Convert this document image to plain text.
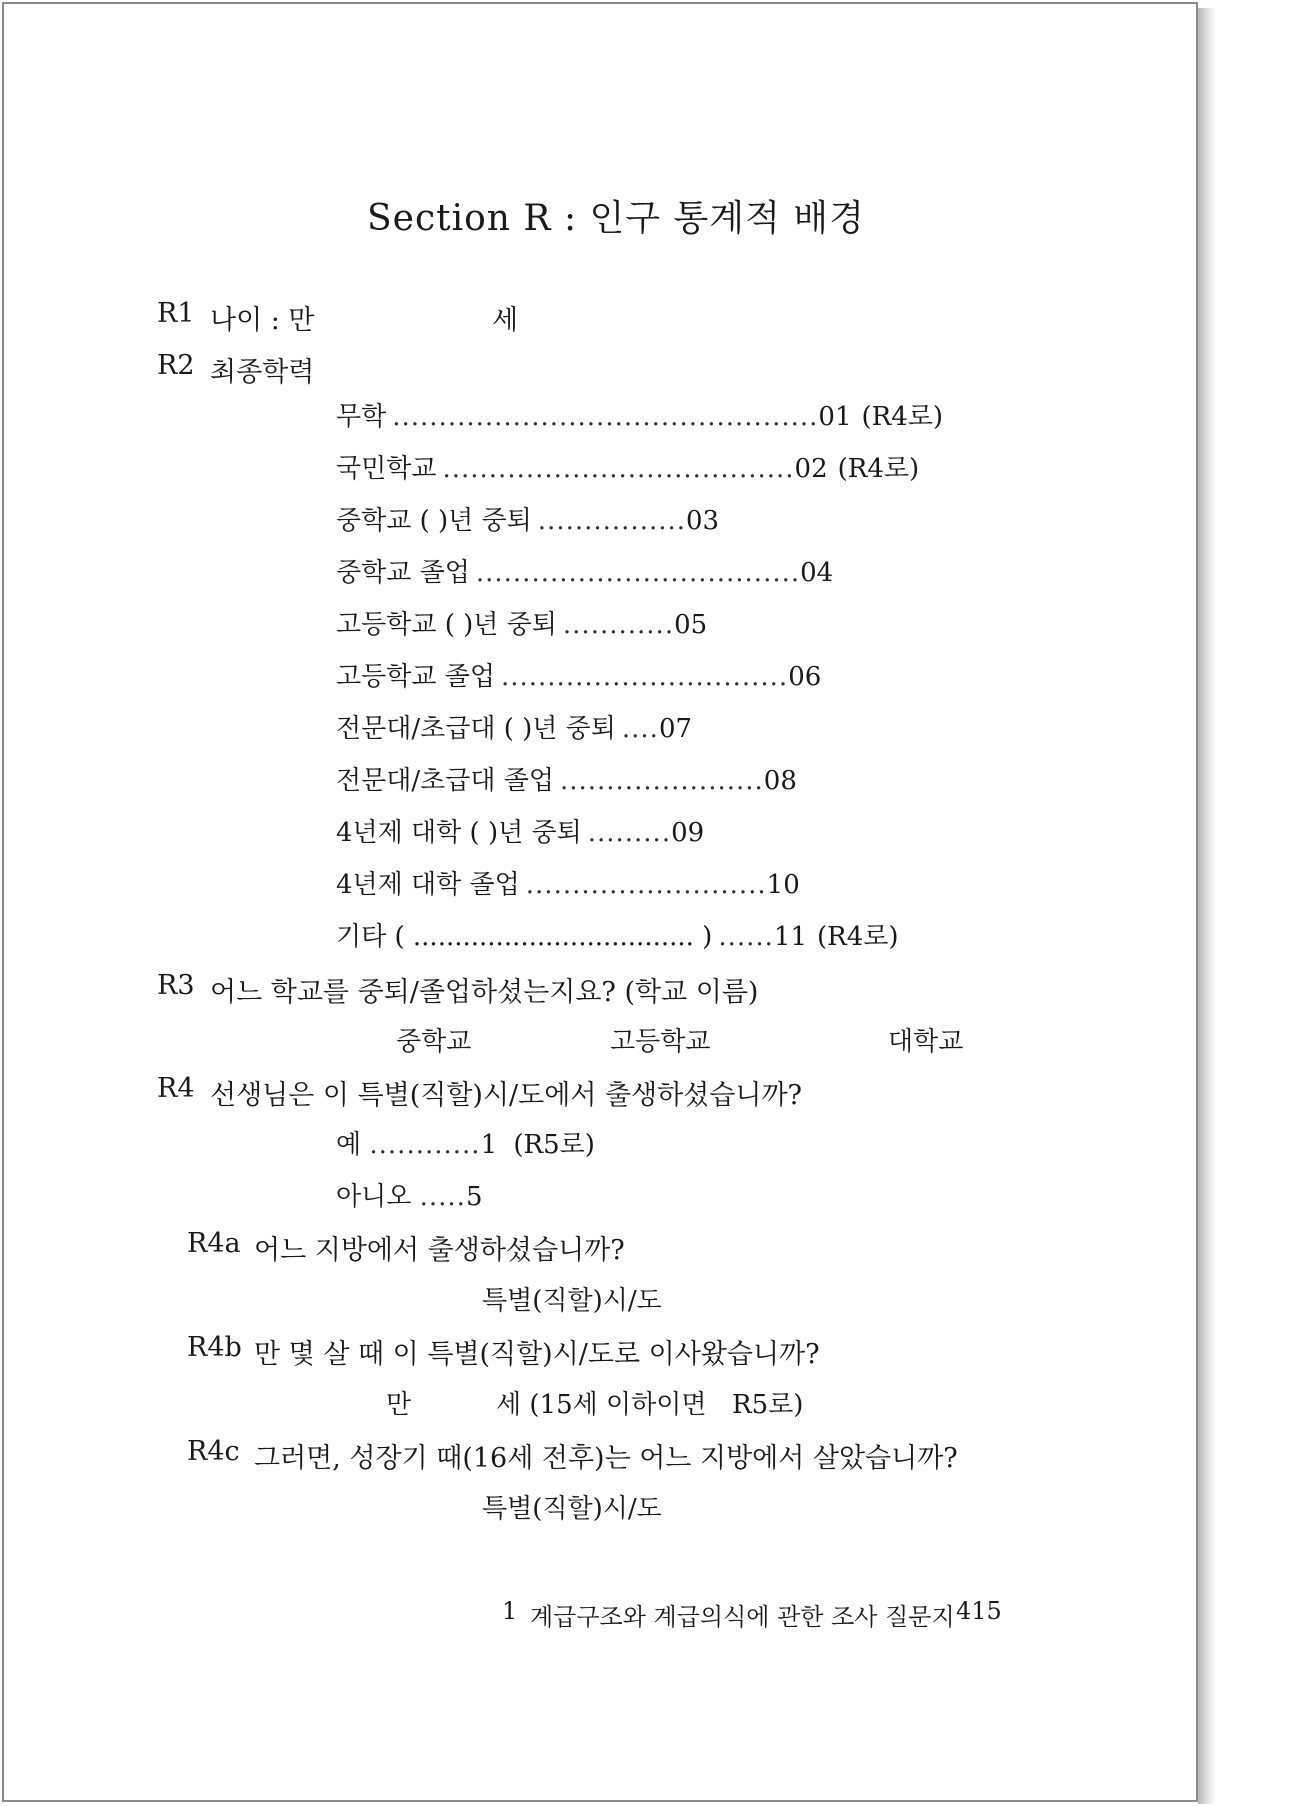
Section R : 인구 통계적 배경
R1 나이 : 만	세
R2 최종학력
무학 ..............................................01 (R4로)
국민학교 ......................................02 (R4로)
중학교 ( )년 중퇴 ................03
중학교 졸업 ...................................04
고등학교 ( )년 중퇴 ............05
고등학교 졸업 ...............................06
전문대/초급대 ( )년 중퇴 ....07
전문대/초급대 졸업 ......................08
4년제 대학 ( )년 중퇴 .........09
4년제 대학 졸업 ..........................10
기타 ( .................................. ) ......11 (R4로)
R3 어느 학교를 중퇴/졸업하셨는지요? (학교 이름)
중학교	고등학교	대학교
R4 선생님은 이 특별(직할)시/도에서 출생하셨습니까?
예 ............1 (R5로)
아니오 .....5
R4a 어느 지방에서 출생하셨습니까?
특별(직할)시/도
R4b 만 몇 살 때 이 특별(직할)시/도로 이사왔습니까?
만	세 (15세 이하이면 R5로)
R4c 그러면, 성장기 때(16세 전후)는 어느 지방에서 살았습니까?
특별(직할)시/도
1 계급구조와 계급의식에 관한 조사 질문지 415
